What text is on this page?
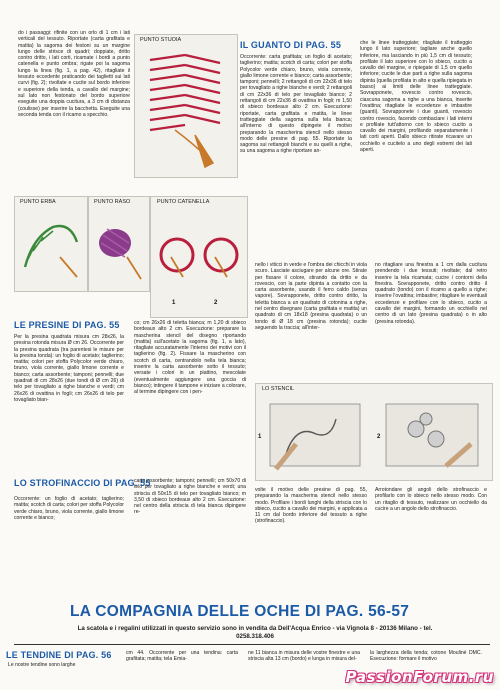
do i passaggi: rifinite con un orlo di 1 cm i lati verticali del tessuto. Riportate (carta grafitata e matita) la sagoma dei festoni su un margine lungo delle strisce di quadri; doppiate, dritto contro dritto, i lati corti, ricamate i bordi a punto catenella e punto ombra; rigate poi la sagoma lungo la linea (fig. 1, a pag. 42), ritagliate il tessuto eccedente praticando dei taglietti sui lati curvi (fig. 2); rivoltate e cucite sul bordo inferiore e superiore della tenda, a cavallo del margine; sul lato non festonato del bordo superiore eseguite una doppia cucitura, a 3 cm di distanza (coulisse) per inserire la bacchetta. Eseguite una seconda tenda con il ricamo a specchio.

PUNTO STUOIA	IL GUANTO DI PAG. 55

Occorrente: carta grafitata; un foglio di acetato; taglierino; matita; scotch di carta; colori per stoffa Polycolor verde chiaro, bruno, viola corrente, giallo limone corrente e bianco; carta assorbente; tamponi; pennelli; 2 rettangoli di cm 22x36 di telo per tovagliato a righe bianche e verdi; 2 rettangoli di cm 22x36 di telo per tovagliato bianco; 2 rettangoli di cm 22x36 di ovattina in fogli; m 1,50 di sbieco bordeaux alto 2 cm. Esecuzione: riportate, carta grafitata e matita, le linee tratteggiate della sagoma sulla tela bianca; all'interno di questo dipingete il motivo preparando la mascherina stencil nello stesso modo delle presine di pag. 55. Riportate la sagoma sui rettangoli bianchi e su quelli a righe, su una sagoma a righe riportare an-

che le linee tratteggiate; ritagliate il tratteggio lungo il lato superiore; tagliare anche quello inferiore, ma lasciando in più 1,5 cm di tessuto; profilate il lato superiore con lo sbieco, cucito a cavallo del margine, e ripiegate di 1,5 cm quello inferiore; cucite le due parti a righe sulla sagoma dipinta (quella profilata in alto e quella ripiegata in basso) ai limiti delle linee tratteggiate. Sovrapponete, rovescio contro rovescio, ciascuna sagoma a righe a una bianca, inserite l'ovattina; ritagliate le eccedenze e imbastire (guanti). Sovrapponete i due guanti, rovescio contro rovescio, facendo combaciare i lati interni e profilate tutt'attorno con lo sbieco cucito a cavallo dei margini, profilando separatamente i lati corti aperti. Dallo sbieco ritirate ricavare un occhiello e cucitelo a uno degli estremi dei lati aperti.

PUNTO ERBA	PUNTO RASO	PUNTO CATENELLA

1	2

LE PRESINE DI PAG. 55

Per la presina quadrata misura cm 28x26, la presina rotonda misura Ø cm 26. Occorrente per la presina quadrata (tra parentesi le misure per la presina tonda): un foglio di acetato; taglierino; matita; colori per stoffa Polycolor verde chiaro, bruno, viola corrente, giallo limone corrente e bianco; carta assorbente; tamponi; pennelli; due quadrati di cm 28x26 (due tondi di Ø cm 26) di telo per tovagliato a righe bianche e verdi; cm 26x26 di ovattina in fogli; cm 26x26 di telo per tovagliato bian-

co; cm 26x26 di teletta bianca; m 1,20 di sbieco bordeaux alto 2 cm. Esecuzione: preparare la mascherina stencil del disegno riportando (matita) sull'acetato la sagoma (fig. 1, a lato), ritagliate accuratamente l'interno dei motivi con il taglierino (fig. 2). Fissare la mascherino con scotch di carta, centrandolo nella tela bianca; inserire la carta assorbente sotto il tessuto; versate i colori in un piattino, mescolate (eventualmente aggiungere una goccia di bianco); intingere il tampone e iniziare a colorare, al termine dipingere con i pen-

nello i viticci in verde e l'ombra dei chicchi in viola scuro. Lasciate asciugare per alcune ore. Stirate per fissare il colore, stirando da dritto e da rovescio, con la parte dipinta a contatto con la carta assorbente, usando il ferro caldo (senza vapore). Sovrapponete, dritto contro dritto, la teletta bianca a un quadrato di cotonina a righe, nel centro disegnare (carta grafitata e matita) un quadrato di cm 18x18 (presina quadrata) o un tondo di Ø 18 cm (presina rotonda); cucite seguendo la traccia; all'inter-

no ritagliare una finestra a 1 cm dalla cucitura prendendo i due tessuti; rivoltate; dal retro inserire la tela ricamata; cucire i contorni della finestra. Sovrapponete, dritto contro dritto il quadrato (tondo) con il ricamo a quello a righe; inserire l'ovattina; imbastire; ritagliare le eventuali eccedenze e profilare con lo sbieco, cucito a cavallo dei margini, formando un occhiello nel centro di un lato (presina quadrata) o in alto (presina rotonda).

LO STENCIL

1	2

LO STROFINACCIO DI PAG. 55

Occorrente: un foglio di acetato; taglierino; matita; scotch di carta; colori per stoffa Polycolor verde chiaro, bruno, viola corrente, giallo limone corrente e bianco;

carta assorbente; tamponi; pennelli; cm 50x70 di telo per tovagliato a righe bianche e verdi; una striscia di 50x15 di telo per tovagliato bianco; m 3,50 di sbieco bordeaux alto 2 cm. Esecuzione: nel centro della striscia di tela bianca dipingere re-

volte il motivo delle presine di pag. 55, preparando la mascherina stencil nello stesso modo. Profilare i bordi lunghi della striscia con lo sbieco, cucito a cavallo dei margini, e applicata a 11 cm dal bordo inferiore del tessuto a righe (strofinaccio).

Arrotondare gli angoli dello strofinaccio e profilarlo con lo sbieco nello stesso modo. Con un ritaglio di tessuto, realizzare un occhiello da cucire a un angolo dello strofinaccio.

LA COMPAGNIA DELLE OCHE DI PAG. 56-57

La scatola e i regalini utilizzati in questo servizio sono in vendita da Dell'Acqua Enrico - via Vignola 8 - 20136 Milano - tel. 0258.318.406

LE TENDINE DI PAG. 56

Le nostre tendine sono larghe

cm 44. Occorrente per una tendina: carta grafitata; matita; tela Emia-

ne 11 bianca in misura delle vostre finestre e una striscia alta 13 cm (bordo) e lunga in misura del-

la larghezza della tenda; cotone Mouliné DMC. Esecuzione: formare il motivo

PassionForum.ru
